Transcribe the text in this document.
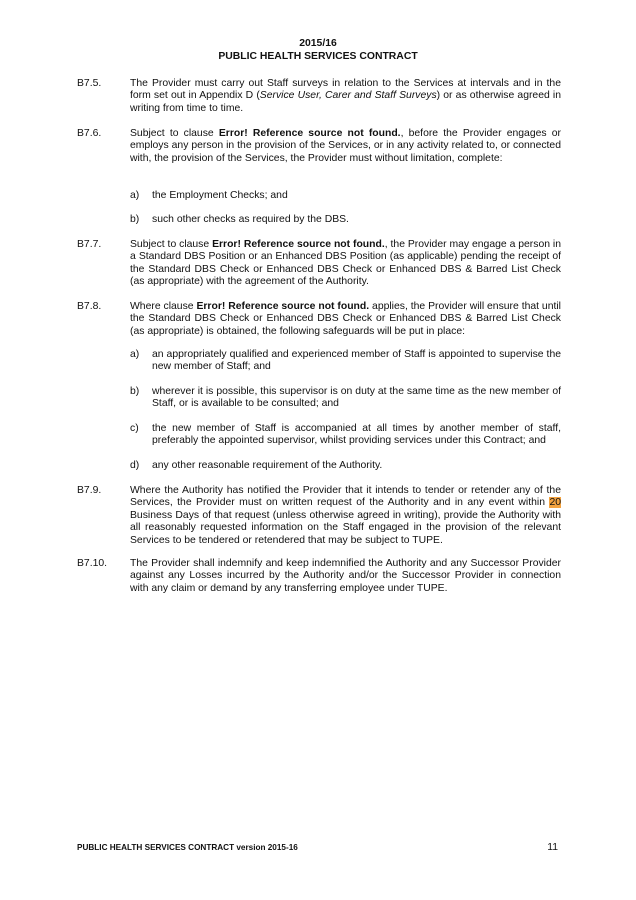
2015/16
PUBLIC HEALTH SERVICES CONTRACT
B7.5.	The Provider must carry out Staff surveys in relation to the Services at intervals and in the form set out in Appendix D (Service User, Carer and Staff Surveys) or as otherwise agreed in writing from time to time.
B7.6.	Subject to clause Error! Reference source not found., before the Provider engages or employs any person in the provision of the Services, or in any activity related to, or connected with, the provision of the Services, the Provider must without limitation, complete:
a) the Employment Checks; and
b) such other checks as required by the DBS.
B7.7.	Subject to clause Error! Reference source not found., the Provider may engage a person in a Standard DBS Position or an Enhanced DBS Position (as applicable) pending the receipt of the Standard DBS Check or Enhanced DBS Check or Enhanced DBS & Barred List Check (as appropriate) with the agreement of the Authority.
B7.8.	Where clause Error! Reference source not found. applies, the Provider will ensure that until the Standard DBS Check or Enhanced DBS Check or Enhanced DBS & Barred List Check (as appropriate) is obtained, the following safeguards will be put in place:
a) an appropriately qualified and experienced member of Staff is appointed to supervise the new member of Staff; and
b) wherever it is possible, this supervisor is on duty at the same time as the new member of Staff, or is available to be consulted; and
c) the new member of Staff is accompanied at all times by another member of staff, preferably the appointed supervisor, whilst providing services under this Contract; and
d) any other reasonable requirement of the Authority.
B7.9.	Where the Authority has notified the Provider that it intends to tender or retender any of the Services, the Provider must on written request of the Authority and in any event within 20 Business Days of that request (unless otherwise agreed in writing), provide the Authority with all reasonably requested information on the Staff engaged in the provision of the relevant Services to be tendered or retendered that may be subject to TUPE.
B7.10. The Provider shall indemnify and keep indemnified the Authority and any Successor Provider against any Losses incurred by the Authority and/or the Successor Provider in connection with any claim or demand by any transferring employee under TUPE.
PUBLIC HEALTH SERVICES CONTRACT version 2015-16	11
